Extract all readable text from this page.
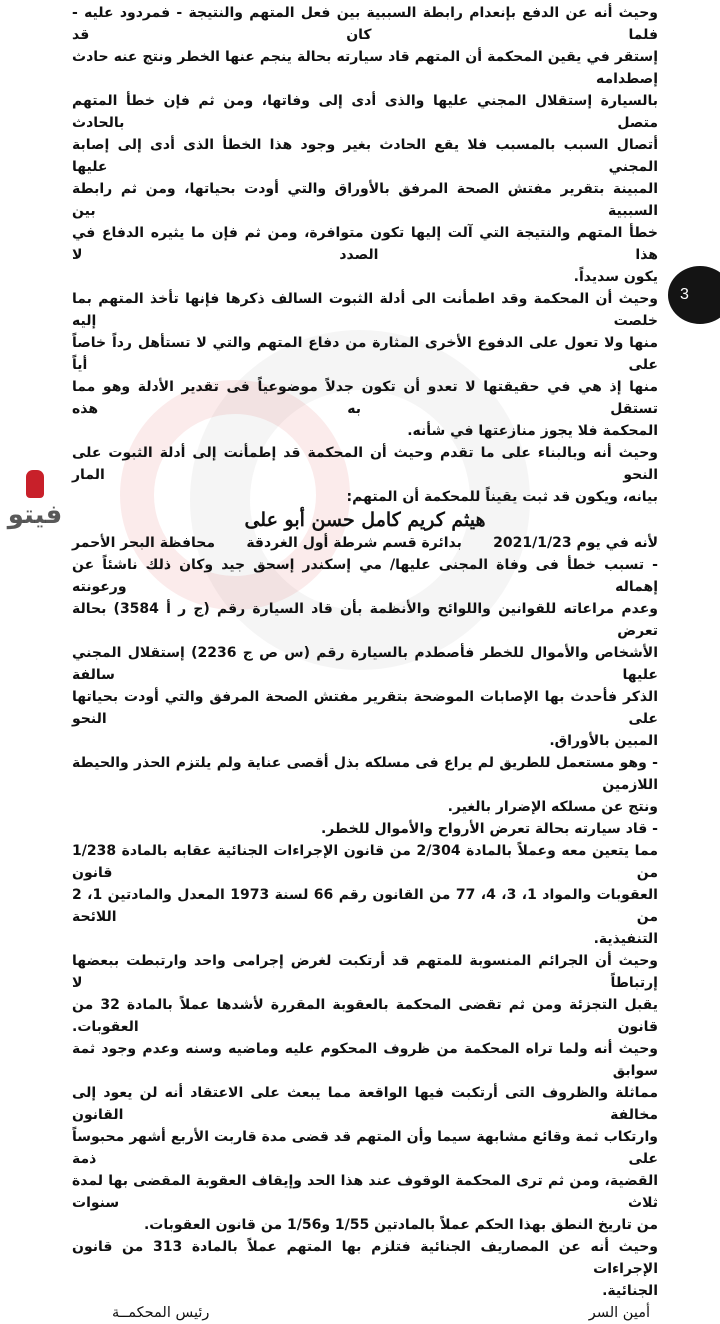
فيتو
وحيث أنه عن الدفع بإنعدام رابطة السببية بين فعل المتهم والنتيجة - فمردود عليه - فلما كان قد
إستقر في يقين المحكمة أن المتهم قاد سيارته بحالة ينجم عنها الخطر ونتج عنه حادث إصطدامه
بالسيارة إستقلال المجني عليها والذى أدى إلى وفاتها، ومن ثم فإن خطأ المتهم متصل بالحادث
أتصال السبب بالمسبب فلا يقع الحادث بغير وجود هذا الخطأ الذى أدى إلى إصابة المجني عليها
المبينة بتقرير مفتش الصحة المرفق بالأوراق والتي أودت بحياتها، ومن ثم رابطة السببية بين
خطأ المتهم والنتيجة التي آلت إليها تكون متوافرة، ومن ثم فإن ما يثيره الدفاع في هذا الصدد لا
يكون سديداً.
وحيث أن المحكمة وقد اطمأنت الى أدلة الثبوت السالف ذكرها فإنها تأخذ المتهم بما خلصت إليه
منها ولا تعول على الدفوع الأخرى المثارة من دفاع المتهم والتي لا تستأهل رداً خاصاً على أياً
منها إذ هي في حقيقتها لا تعدو أن تكون جدلاً موضوعياً فى تقدير الأدلة وهو مما تستقل به هذه
المحكمة فلا يجوز منازعتها في شأنه.
وحيث أنه وبالبناء على ما تقدم وحيث أن المحكمة قد إطمأنت إلى أدلة الثبوت على النحو المار
بيانه، ويكون قد ثبت يقيناً للمحكمة أن المتهم:
هيثم كريم كامل حسن أبو على
لأنه في يوم 2021/1/23
بدائرة قسم شرطة أول الغردقة
محافظة البحر الأحمر
- تسبب خطأ فى وفاة المجنى عليها/ مي إسكندر إسحق جيد وكان ذلك ناشئاً عن إهماله ورعونته
وعدم مراعاته للقوانين واللوائح والأنظمة بأن قاد السيارة رقم (ج ر أ 3584) بحالة تعرض
الأشخاص والأموال للخطر فأصطدم بالسيارة رقم (س ص ج 2236) إستقلال المجني عليها سالفة
الذكر فأحدث بها الإصابات الموضحة بتقرير مفتش الصحة المرفق والتي أودت بحياتها على النحو
المبين بالأوراق.
- وهو مستعمل للطريق لم يراع فى مسلكه بذل أقصى عناية ولم يلتزم الحذر والحيطة اللازمين
ونتج عن مسلكه الإضرار بالغير.
- قاد سيارته بحالة تعرض الأرواح والأموال للخطر.
مما يتعين معه وعملاً بالمادة 2/304 من قانون الإجراءات الجنائية عقابه بالمادة 1/238 من قانون
العقوبات والمواد 1، 3، 4، 77 من القانون رقم 66 لسنة 1973 المعدل والمادتين 1، 2 من اللائحة
التنفيذية.
وحيث أن الجرائم المنسوبة للمتهم قد أرتكبت لغرض إجرامى واحد وارتبطت ببعضها إرتباطاً لا
يقبل التجزئة ومن ثم تقضى المحكمة بالعقوبة المقررة لأشدها عملاً بالمادة 32 من قانون العقوبات.
وحيث أنه ولما تراه المحكمة من ظروف المحكوم عليه وماضيه وسنه وعدم وجود ثمة سوابق
مماثلة والظروف التى أرتكبت فيها الواقعة مما يبعث على الاعتقاد أنه لن يعود إلى مخالفة القانون
وارتكاب ثمة وقائع مشابهة سيما وأن المتهم قد قضى مدة قاربت الأربع أشهر محبوساً على ذمة
القضية، ومن ثم ترى المحكمة الوقوف عند هذا الحد وإيقاف العقوبة المقضى بها لمدة ثلاث سنوات
من تاريخ النطق بهذا الحكم عملاً بالمادتين 1/55 و1/56 من قانون العقوبات.
وحيث أنه عن المصاريف الجنائية فتلزم بها المتهم عملاً بالمادة 313 من قانون الإجراءات
الجنائية.
أمين السر
رئيس المحكمــة
3
